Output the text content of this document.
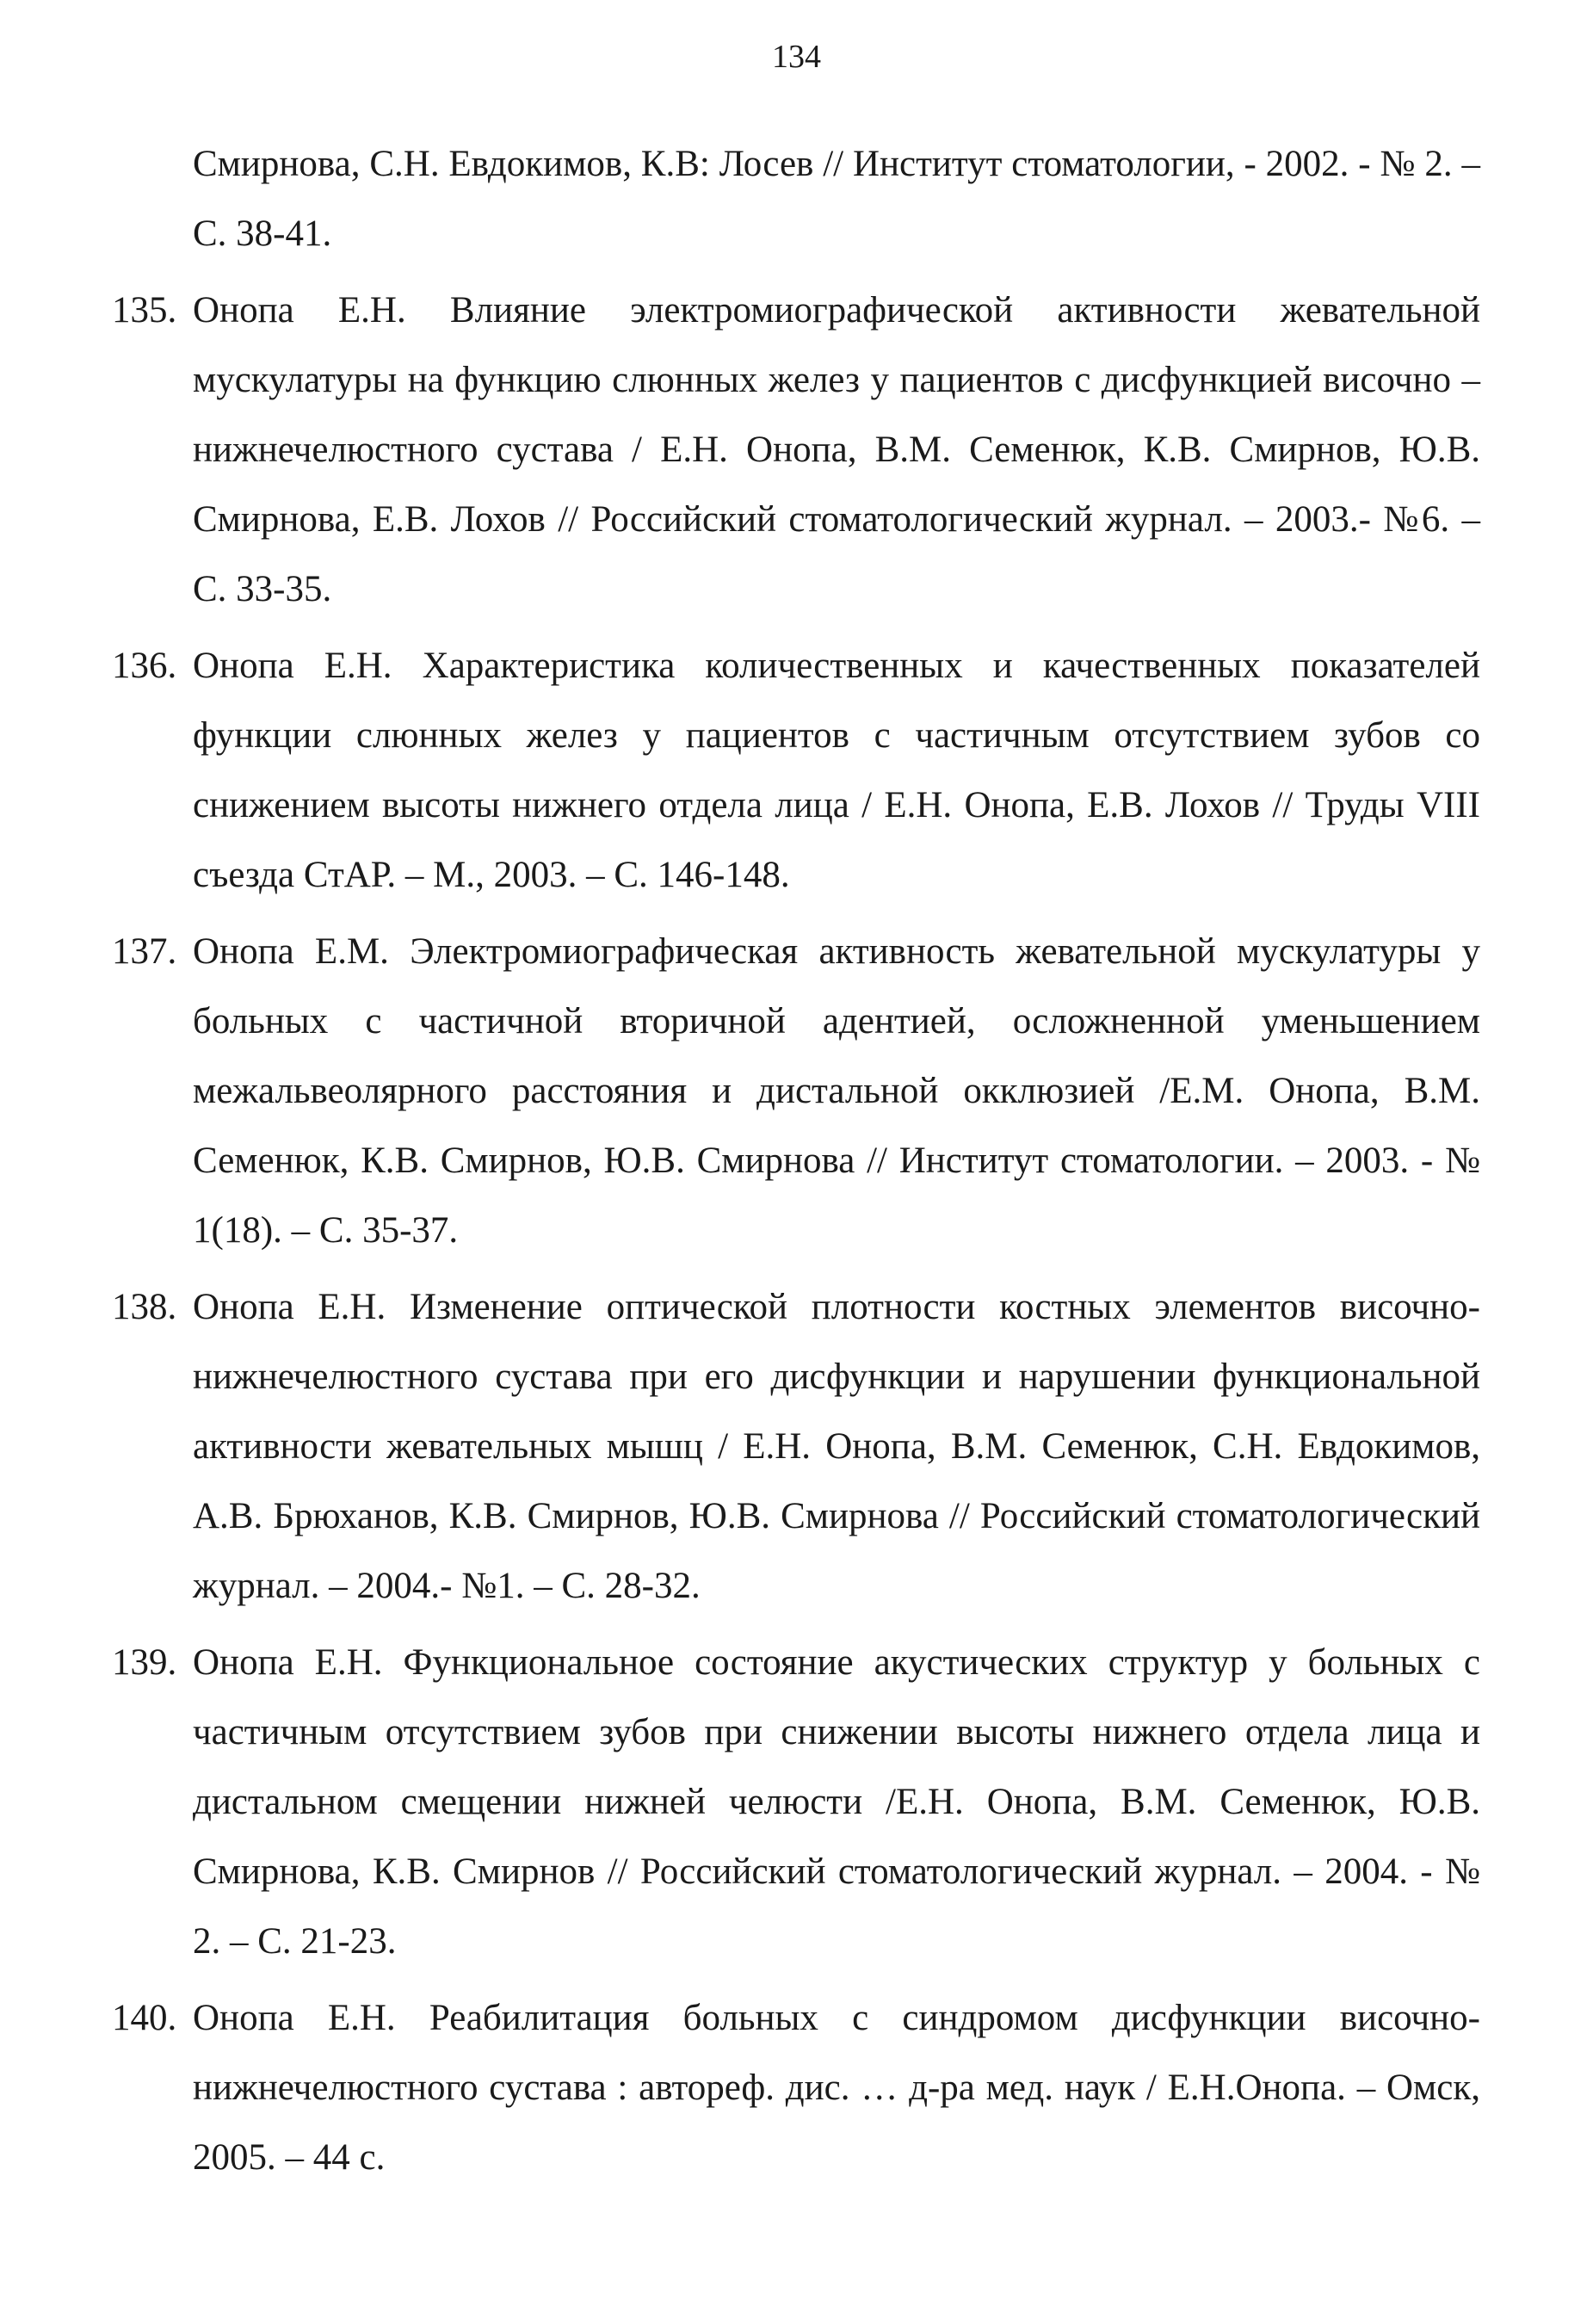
134
Смирнова, С.Н. Евдокимов, К.В: Лосев // Институт стоматологии, - 2002. - № 2. – С. 38-41.
135. Онопа Е.Н. Влияние электромиографической активности жевательной мускулатуры на функцию слюнных желез у пациентов с дисфункцией височно – нижнечелюстного сустава / Е.Н. Онопа, В.М. Семенюк, К.В. Смирнов, Ю.В. Смирнова, Е.В. Лохов // Российский стоматологический журнал. – 2003.- №6. – С. 33-35.
136. Онопа Е.Н. Характеристика количественных и качественных показателей функции слюнных желез у пациентов с частичным отсутствием зубов со снижением высоты нижнего отдела лица / Е.Н. Онопа, Е.В. Лохов // Труды VIII съезда СтАР. – М., 2003. – С. 146-148.
137. Онопа Е.М. Электромиографическая активность жевательной мускулатуры у больных с частичной вторичной адентией, осложненной уменьшением межальвеолярного расстояния и дистальной окклюзией /Е.М. Онопа, В.М. Семенюк, К.В. Смирнов, Ю.В. Смирнова // Институт стоматологии. – 2003. - № 1(18). – С. 35-37.
138. Онопа Е.Н. Изменение оптической плотности костных элементов височно- нижнечелюстного сустава при его дисфункции и нарушении функциональной активности жевательных мышц / Е.Н. Онопа, В.М. Семенюк, С.Н. Евдокимов, А.В. Брюханов, К.В. Смирнов, Ю.В. Смирнова // Российский стоматологический журнал. – 2004.- №1. – С. 28-32.
139. Онопа Е.Н. Функциональное состояние акустических структур у больных с частичным отсутствием зубов при снижении высоты нижнего отдела лица и дистальном смещении нижней челюсти /Е.Н. Онопа, В.М. Семенюк, Ю.В. Смирнова, К.В. Смирнов // Российский стоматологический журнал. – 2004. - № 2. – С. 21-23.
140. Онопа Е.Н. Реабилитация больных с синдромом дисфункции височно-нижнечелюстного сустава : автореф. дис. … д-ра мед. наук / Е.Н.Онопа. – Омск, 2005. – 44 с.
